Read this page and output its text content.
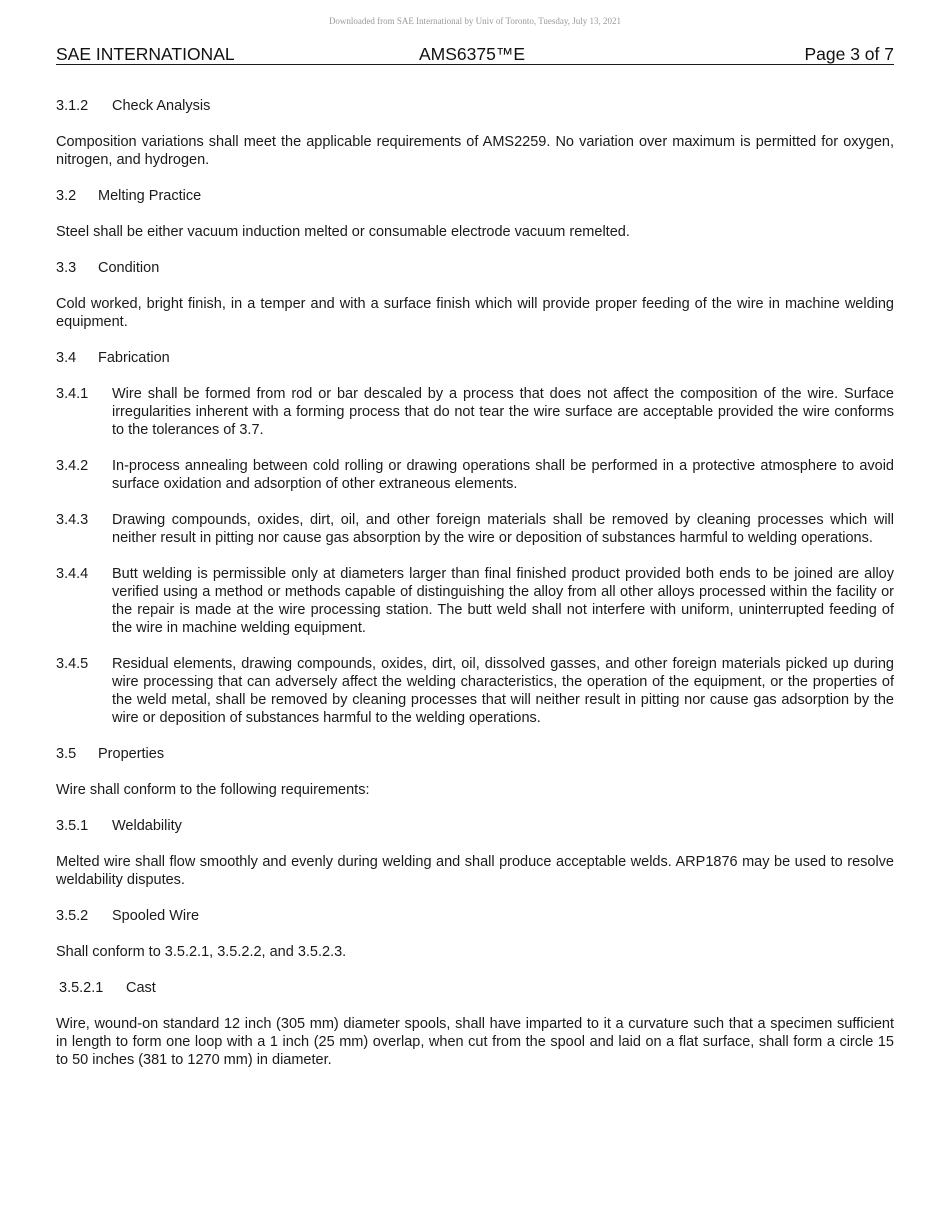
Downloaded from SAE International by Univ of Toronto, Tuesday, July 13, 2021
SAE INTERNATIONAL	AMS6375™E	Page 3 of 7
3.1.2 Check Analysis

Composition variations shall meet the applicable requirements of AMS2259. No variation over maximum is permitted for oxygen, nitrogen, and hydrogen.

3.2 Melting Practice

Steel shall be either vacuum induction melted or consumable electrode vacuum remelted.

3.3 Condition

Cold worked, bright finish, in a temper and with a surface finish which will provide proper feeding of the wire in machine welding equipment.

3.4 Fabrication
3.4.1	Wire shall be formed from rod or bar descaled by a process that does not affect the composition of the wire. Surface irregularities inherent with a forming process that do not tear the wire surface are acceptable provided the wire conforms to the tolerances of 3.7.
3.4.2	In-process annealing between cold rolling or drawing operations shall be performed in a protective atmosphere to avoid surface oxidation and adsorption of other extraneous elements.
3.4.3	Drawing compounds, oxides, dirt, oil, and other foreign materials shall be removed by cleaning processes which will neither result in pitting nor cause gas absorption by the wire or deposition of substances harmful to welding operations.
3.4.4	Butt welding is permissible only at diameters larger than final finished product provided both ends to be joined are alloy verified using a method or methods capable of distinguishing the alloy from all other alloys processed within the facility or the repair is made at the wire processing station. The butt weld shall not interfere with uniform, uninterrupted feeding of the wire in machine welding equipment.
3.4.5	Residual elements, drawing compounds, oxides, dirt, oil, dissolved gasses, and other foreign materials picked up during wire processing that can adversely affect the welding characteristics, the operation of the equipment, or the properties of the weld metal, shall be removed by cleaning processes that will neither result in pitting nor cause gas adsorption by the wire or deposition of substances harmful to the welding operations.
3.5 Properties

Wire shall conform to the following requirements:

3.5.1 Weldability

Melted wire shall flow smoothly and evenly during welding and shall produce acceptable welds. ARP1876 may be used to resolve weldability disputes.

3.5.2 Spooled Wire

Shall conform to 3.5.2.1, 3.5.2.2, and 3.5.2.3.

3.5.2.1 Cast

Wire, wound-on standard 12 inch (305 mm) diameter spools, shall have imparted to it a curvature such that a specimen sufficient in length to form one loop with a 1 inch (25 mm) overlap, when cut from the spool and laid on a flat surface, shall form a circle 15 to 50 inches (381 to 1270 mm) in diameter.
